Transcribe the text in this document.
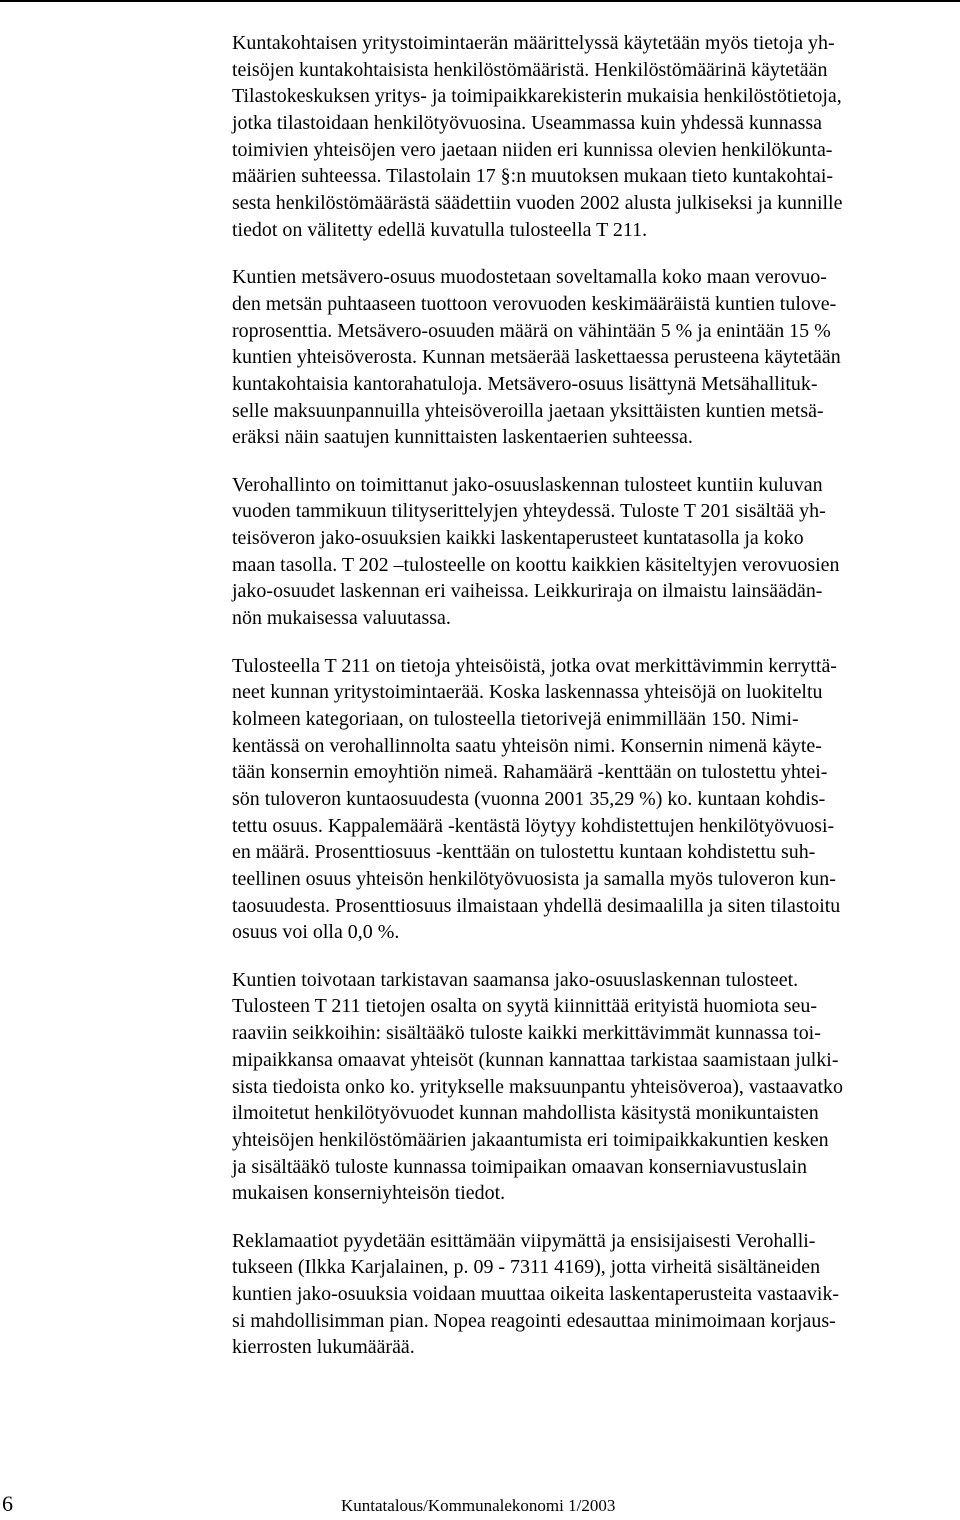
Kuntakohtaisen yritystoimintaerän määrittelyssä käytetään myös tietoja yh-
teisöjen kuntakohtaisista henkilöstömääristä. Henkilöstömäärinä käytetään
Tilastokeskuksen yritys- ja toimipaikkarekisterin mukaisia henkilöstötietoja,
jotka tilastoidaan henkilötyövuosina. Useammassa kuin yhdessä kunnassa
toimivien yhteisöjen vero jaetaan niiden eri kunnissa olevien henkilökunta-
määrien suhteessa. Tilastolain 17 §:n muutoksen mukaan tieto kuntakohtai-
sesta henkilöstömäärästä säädettiin vuoden 2002 alusta julkiseksi ja kunnille
tiedot on välitetty edellä kuvatulla tulosteella T 211.
Kuntien metsävero-osuus muodostetaan soveltamalla koko maan verovuo-
den metsän puhtaaseen tuottoon verovuoden keskimääräistä kuntien tulove-
roprosenttia. Metsävero-osuuden määrä on vähintään 5 % ja enintään 15 %
kuntien yhteisöverosta. Kunnan metsäerää laskettaessa perusteena käytetään
kuntakohtaisia kantorahatuloja. Metsävero-osuus lisättynä Metsähallituk-
selle maksuunpannuilla yhteisöveroilla jaetaan yksittäisten kuntien metsä-
eräksi näin saatujen kunnittaisten laskentaerien suhteessa.
Verohallinto on toimittanut jako-osuuslaskennan tulosteet kuntiin kuluvan
vuoden tammikuun tilityserittelyjen yhteydessä. Tuloste T 201 sisältää yh-
teisöveron jako-osuuksien kaikki laskentaperusteet kuntatasolla ja koko
maan tasolla. T 202 –tulosteelle on koottu kaikkien käsiteltyjen verovuosien
jako-osuudet laskennan eri vaiheissa. Leikkuriraja on ilmaistu lainsäädän-
nön mukaisessa valuutassa.
Tulosteella T 211 on tietoja yhteisöistä, jotka ovat merkittävimmin kerryttä-
neet kunnan yritystoimintaerää. Koska laskennassa yhteisöjä on luokiteltu
kolmeen kategoriaan, on tulosteella tietorivejä enimmillään 150. Nimi-
kentässä on verohallinnolta saatu yhteisön nimi. Konsernin nimenä käyte-
tään konsernin emoyhtiön nimeä. Rahamäärä -kenttään on tulostettu yhtei-
sön tuloveron kuntaosuudesta (vuonna 2001 35,29 %) ko. kuntaan kohdis-
tettu osuus. Kappalemäärä -kentästä löytyy kohdistettujen henkilötyövuosi-
en määrä. Prosenttiosuus -kenttään on tulostettu kuntaan kohdistettu suh-
teellinen osuus yhteisön henkilötyövuosista ja samalla myös tuloveron kun-
taosuudesta. Prosenttiosuus ilmaistaan yhdellä desimaalilla ja siten tilastoitu
osuus voi olla 0,0 %.
Kuntien toivotaan tarkistavan saamansa jako-osuuslaskennan tulosteet.
Tulosteen T 211 tietojen osalta on syytä kiinnittää erityistä huomiota seu-
raaviin seikkoihin: sisältääkö tuloste kaikki merkittävimmät kunnassa toi-
mipaikkansa omaavat yhteisöt (kunnan kannattaa tarkistaa saamistaan julki-
sista tiedoista onko ko. yritykselle maksuunpantu yhteisöveroa), vastaavatko
ilmoitetut henkilötyövuodet kunnan mahdollista käsitystä monikuntaisten
yhteisöjen henkilöstömäärien jakaantumista eri toimipaikkakuntien kesken
ja sisältääkö tuloste kunnassa toimipaikan omaavan konserniavustuslain
mukaisen konserniyhteisön tiedot.
Reklamaatiot pyydetään esittämään viipymättä ja ensisijaisesti Verohalli-
tukseen (Ilkka Karjalainen, p. 09 - 7311 4169), jotta virheitä sisältäneiden
kuntien jako-osuuksia voidaan muuttaa oikeita laskentaperusteita vastaavik-
si mahdollisimman pian. Nopea reagointi edesauttaa minimoimaan korjaus-
kierrosten lukumäärää.
6	Kuntatalous/Kommunalekonomi 1/2003
